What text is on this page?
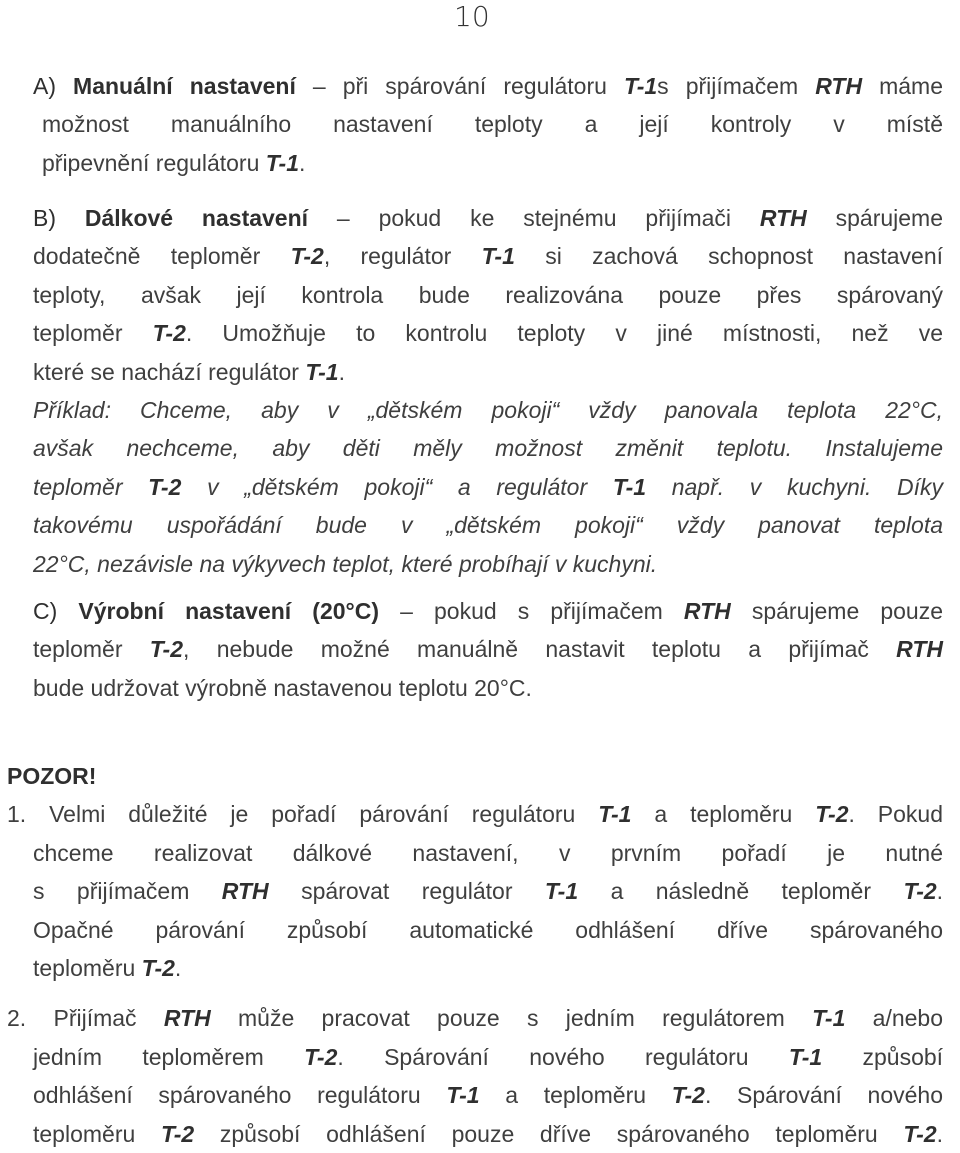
10
A) Manuální nastavení – při spárování regulátoru T-1s přijímačem RTH máme
možnost manuálního nastavení teploty a její kontroly v místě
připevnění regulátoru T-1.
B) Dálkové nastavení – pokud ke stejnému přijímači RTH spárujeme
dodatečně teploměr T-2, regulátor T-1 si zachová schopnost nastavení
teploty, avšak její kontrola bude realizována pouze přes spárovaný
teploměr T-2. Umožňuje to kontrolu teploty v jiné místnosti, než ve
které se nachází regulátor T-1.
Příklad: Chceme, aby v „dětském pokoji“ vždy panovala teplota 22°C,
avšak nechceme, aby děti měly možnost změnit teplotu. Instalujeme
teploměr T-2 v „dětském pokoji“ a regulátor T-1 např. v kuchyni. Díky
takovému uspořádání bude v „dětském pokoji“ vždy panovat teplota
22°C, nezávisle na výkyvech teplot, které probíhají v kuchyni.
C) Výrobní nastavení (20°C) – pokud s přijímačem RTH spárujeme pouze
teploměr T-2, nebude možné manuálně nastavit teplotu a přijímač RTH
bude udržovat výrobně nastavenou teplotu 20°C.
POZOR!
1. Velmi důležité je pořadí párování regulátoru T-1 a teploměru T-2. Pokud
chceme realizovat dálkové nastavení, v prvním pořadí je nutné
s přijímačem RTH spárovat regulátor T-1 a následně teploměr T-2.
Opačné párování způsobí automatické odhlášení dříve spárovaného
teploměru T-2.
2. Přijímač RTH může pracovat pouze s jedním regulátorem T-1 a/nebo
jedním teploměrem T-2. Spárování nového regulátoru T-1 způsobí
odhlášení spárovaného regulátoru T-1 a teploměru T-2. Spárování nového
teploměru T-2 způsobí odhlášení pouze dříve spárovaného teploměru T-2.
